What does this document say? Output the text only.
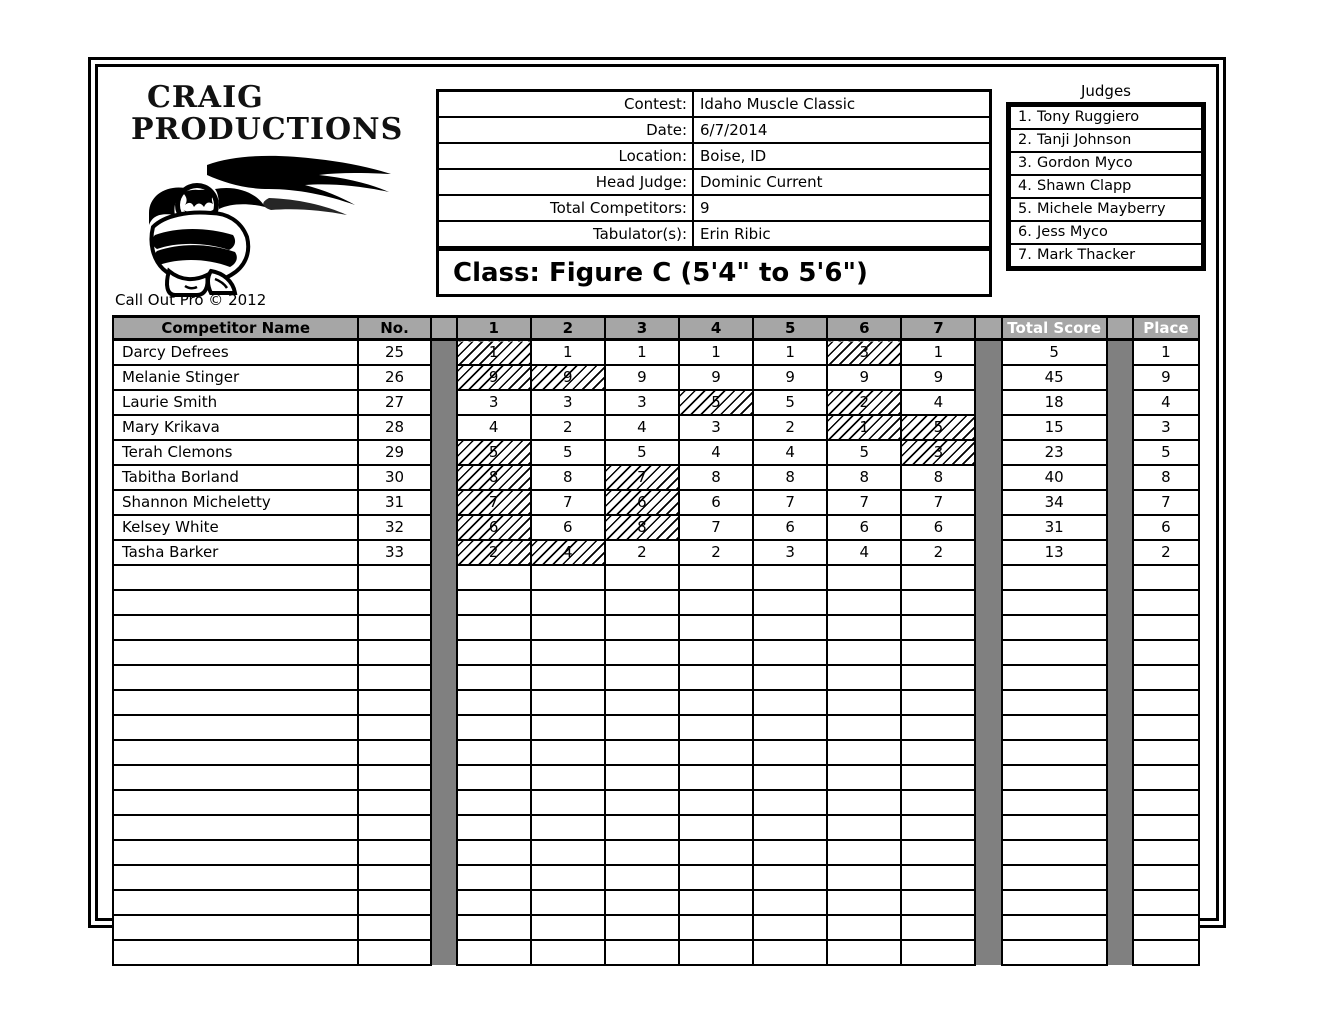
CRAIG
PRODUCTIONS
Call Out Pro © 2012
Contest: Idaho Muscle Classic
Date: 6/7/2014
Location: Boise, ID
Head Judge: Dominic Current
Total Competitors: 9
Tabulator(s): Erin Ribic
Class: Figure C (5'4" to 5'6")
Judges
1. Tony Ruggiero
2. Tanji Johnson
3. Gordon Myco
4. Shawn Clapp
5. Michele Mayberry
6. Jess Myco
7. Mark Thacker
Competitor Name	No.		1	2	3	4	5	6	7		Total Score		Place
Darcy Defrees	25		1	1	1	1	1	3	1		5		1
Melanie Stinger	26		9	9	9	9	9	9	9		45		9
Laurie Smith	27		3	3	3	5	5	2	4		18		4
Mary Krikava	28		4	2	4	3	2	1	5		15		3
Terah Clemons	29		5	5	5	4	4	5	3		23		5
Tabitha Borland	30		8	8	7	8	8	8	8		40		8
Shannon Micheletty	31		7	7	6	6	7	7	7		34		7
Kelsey White	32		6	6	8	7	6	6	6		31		6
Tasha Barker	33		2	4	2	2	3	4	2		13		2
